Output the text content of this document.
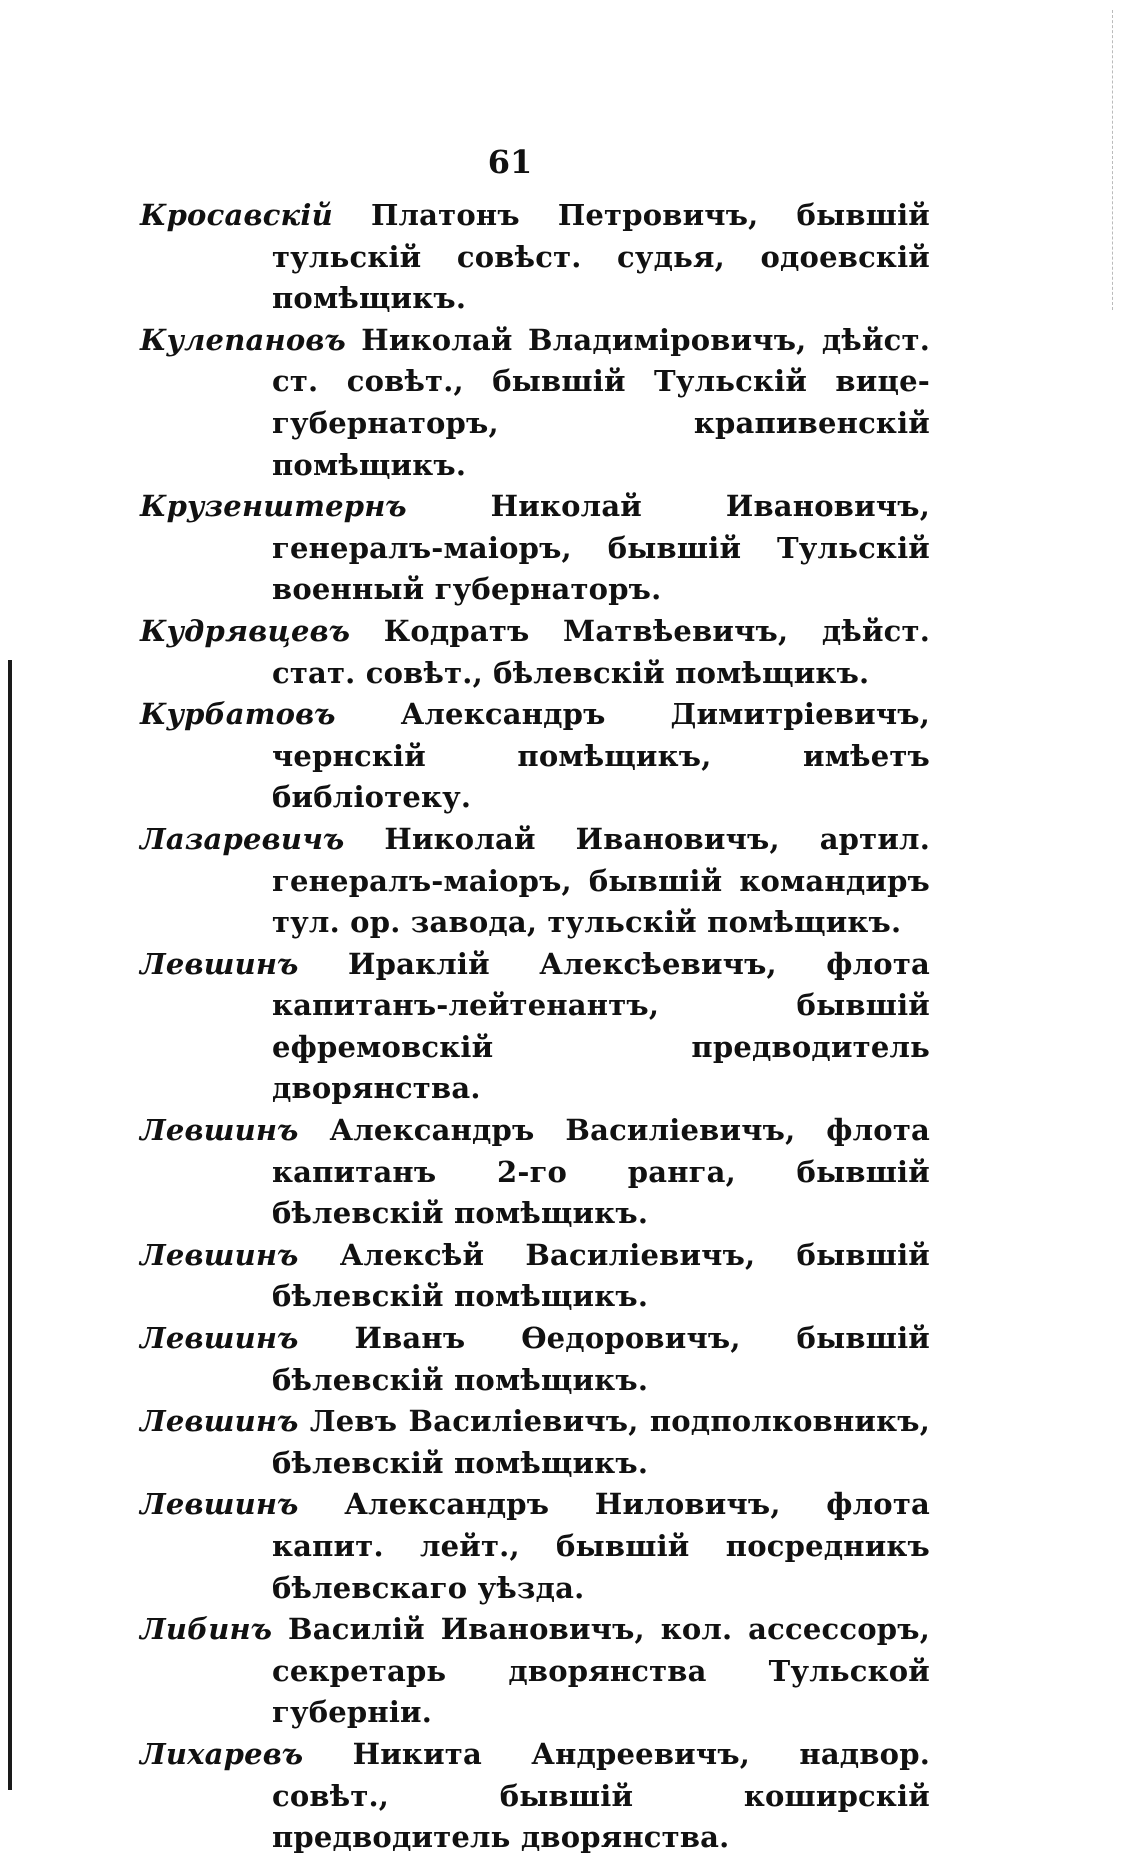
61

Кросавскій Платонъ Петровичъ, бывшій тульскій совѣст. судья, одоевскій помѣщикъ.

Кулепановъ Николай Владиміровичъ, дѣйст. ст. совѣт., бывшій Тульскій вице-губернаторъ, крапивенскій помѣщикъ.

Крузенштернъ	Николай Ивановичъ, генералъ-маіоръ, бывшій Тульскій военный губернаторъ.

Кудрявцевъ Кодратъ Матвѣевичъ, дѣйст. стат. совѣт., бѣлевскій помѣщикъ.

Курбатовъ Александръ Димитріевичъ, чернскій помѣщикъ, имѣетъ библіотеку.

Лазаревичъ Николай Ивановичъ, артил. генералъ-маіоръ, бывшій командиръ тул. ор. завода, тульскій помѣщикъ.

Левшинъ Ираклій Алексѣевичъ, флота капитанъ-лейтенантъ, бывшій ефремовскій предводитель дворянства.

Левшинъ Александръ Василіевичъ, флота капитанъ 2-го ранга, бывшій бѣлевскій помѣщикъ.

Левшинъ Алексѣй Василіевичъ, бывшій бѣлевскій помѣщикъ.

Левшинъ Иванъ Ѳедоровичъ, бывшій бѣлевскій помѣщикъ.

Левшинъ Левъ Василіевичъ, подполковникъ, бѣлевскій помѣщикъ.

Левшинъ Александръ Ниловичъ, флота капит. лейт., бывшій посредникъ бѣлевскаго уѣзда.

Либинъ Василій Ивановичъ, кол. ассессоръ, секретарь дворянства Тульской губерніи.

Лихаревъ Никита Андреевичъ, надвор. совѣт., бывшій коширскій предводитель дворянства.
